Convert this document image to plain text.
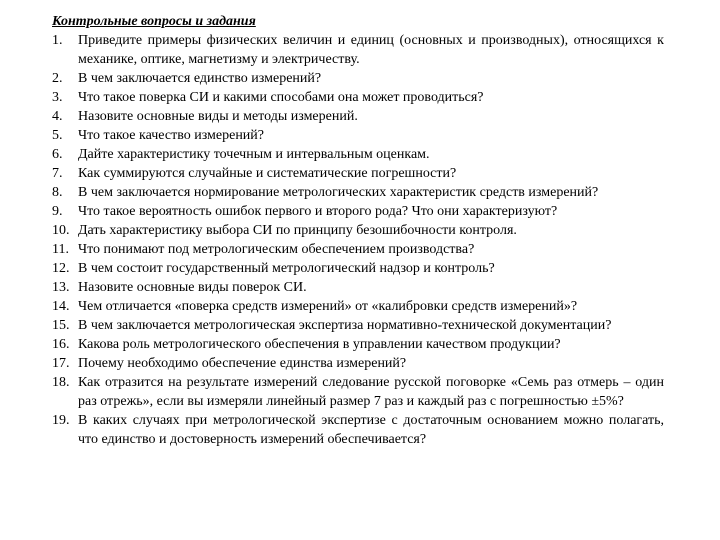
Контрольные вопросы и задания
1. Приведите примеры физических величин и единиц (основных и производных), относящихся к механике, оптике, магнетизму и электричеству.
2. В чем заключается единство измерений?
3. Что такое поверка СИ и какими способами она может проводиться?
4. Назовите основные виды и методы измерений.
5. Что такое качество измерений?
6. Дайте характеристику точечным и интервальным оценкам.
7. Как суммируются случайные и систематические погрешности?
8. В чем заключается нормирование метрологических характеристик средств измерений?
9. Что такое вероятность ошибок первого и второго рода? Что они характеризуют?
10. Дать характеристику выбора СИ по принципу безошибочности контроля.
11. Что понимают под метрологическим обеспечением производства?
12. В чем состоит государственный метрологический надзор и контроль?
13. Назовите основные виды поверок СИ.
14. Чем отличается «поверка средств измерений» от «калибровки средств измерений»?
15. В чем заключается метрологическая экспертиза нормативно-технической документации?
16. Какова роль метрологического обеспечения в управлении качеством продукции?
17. Почему необходимо обеспечение единства измерений?
18. Как отразится на результате измерений следование русской поговорке «Семь раз отмерь – один раз отрежь», если вы измеряли линейный размер 7 раз и каждый раз с погрешностью ±5%?
19. В каких случаях при метрологической экспертизе с достаточным основанием можно полагать, что единство и достоверность измерений обеспечивается?
